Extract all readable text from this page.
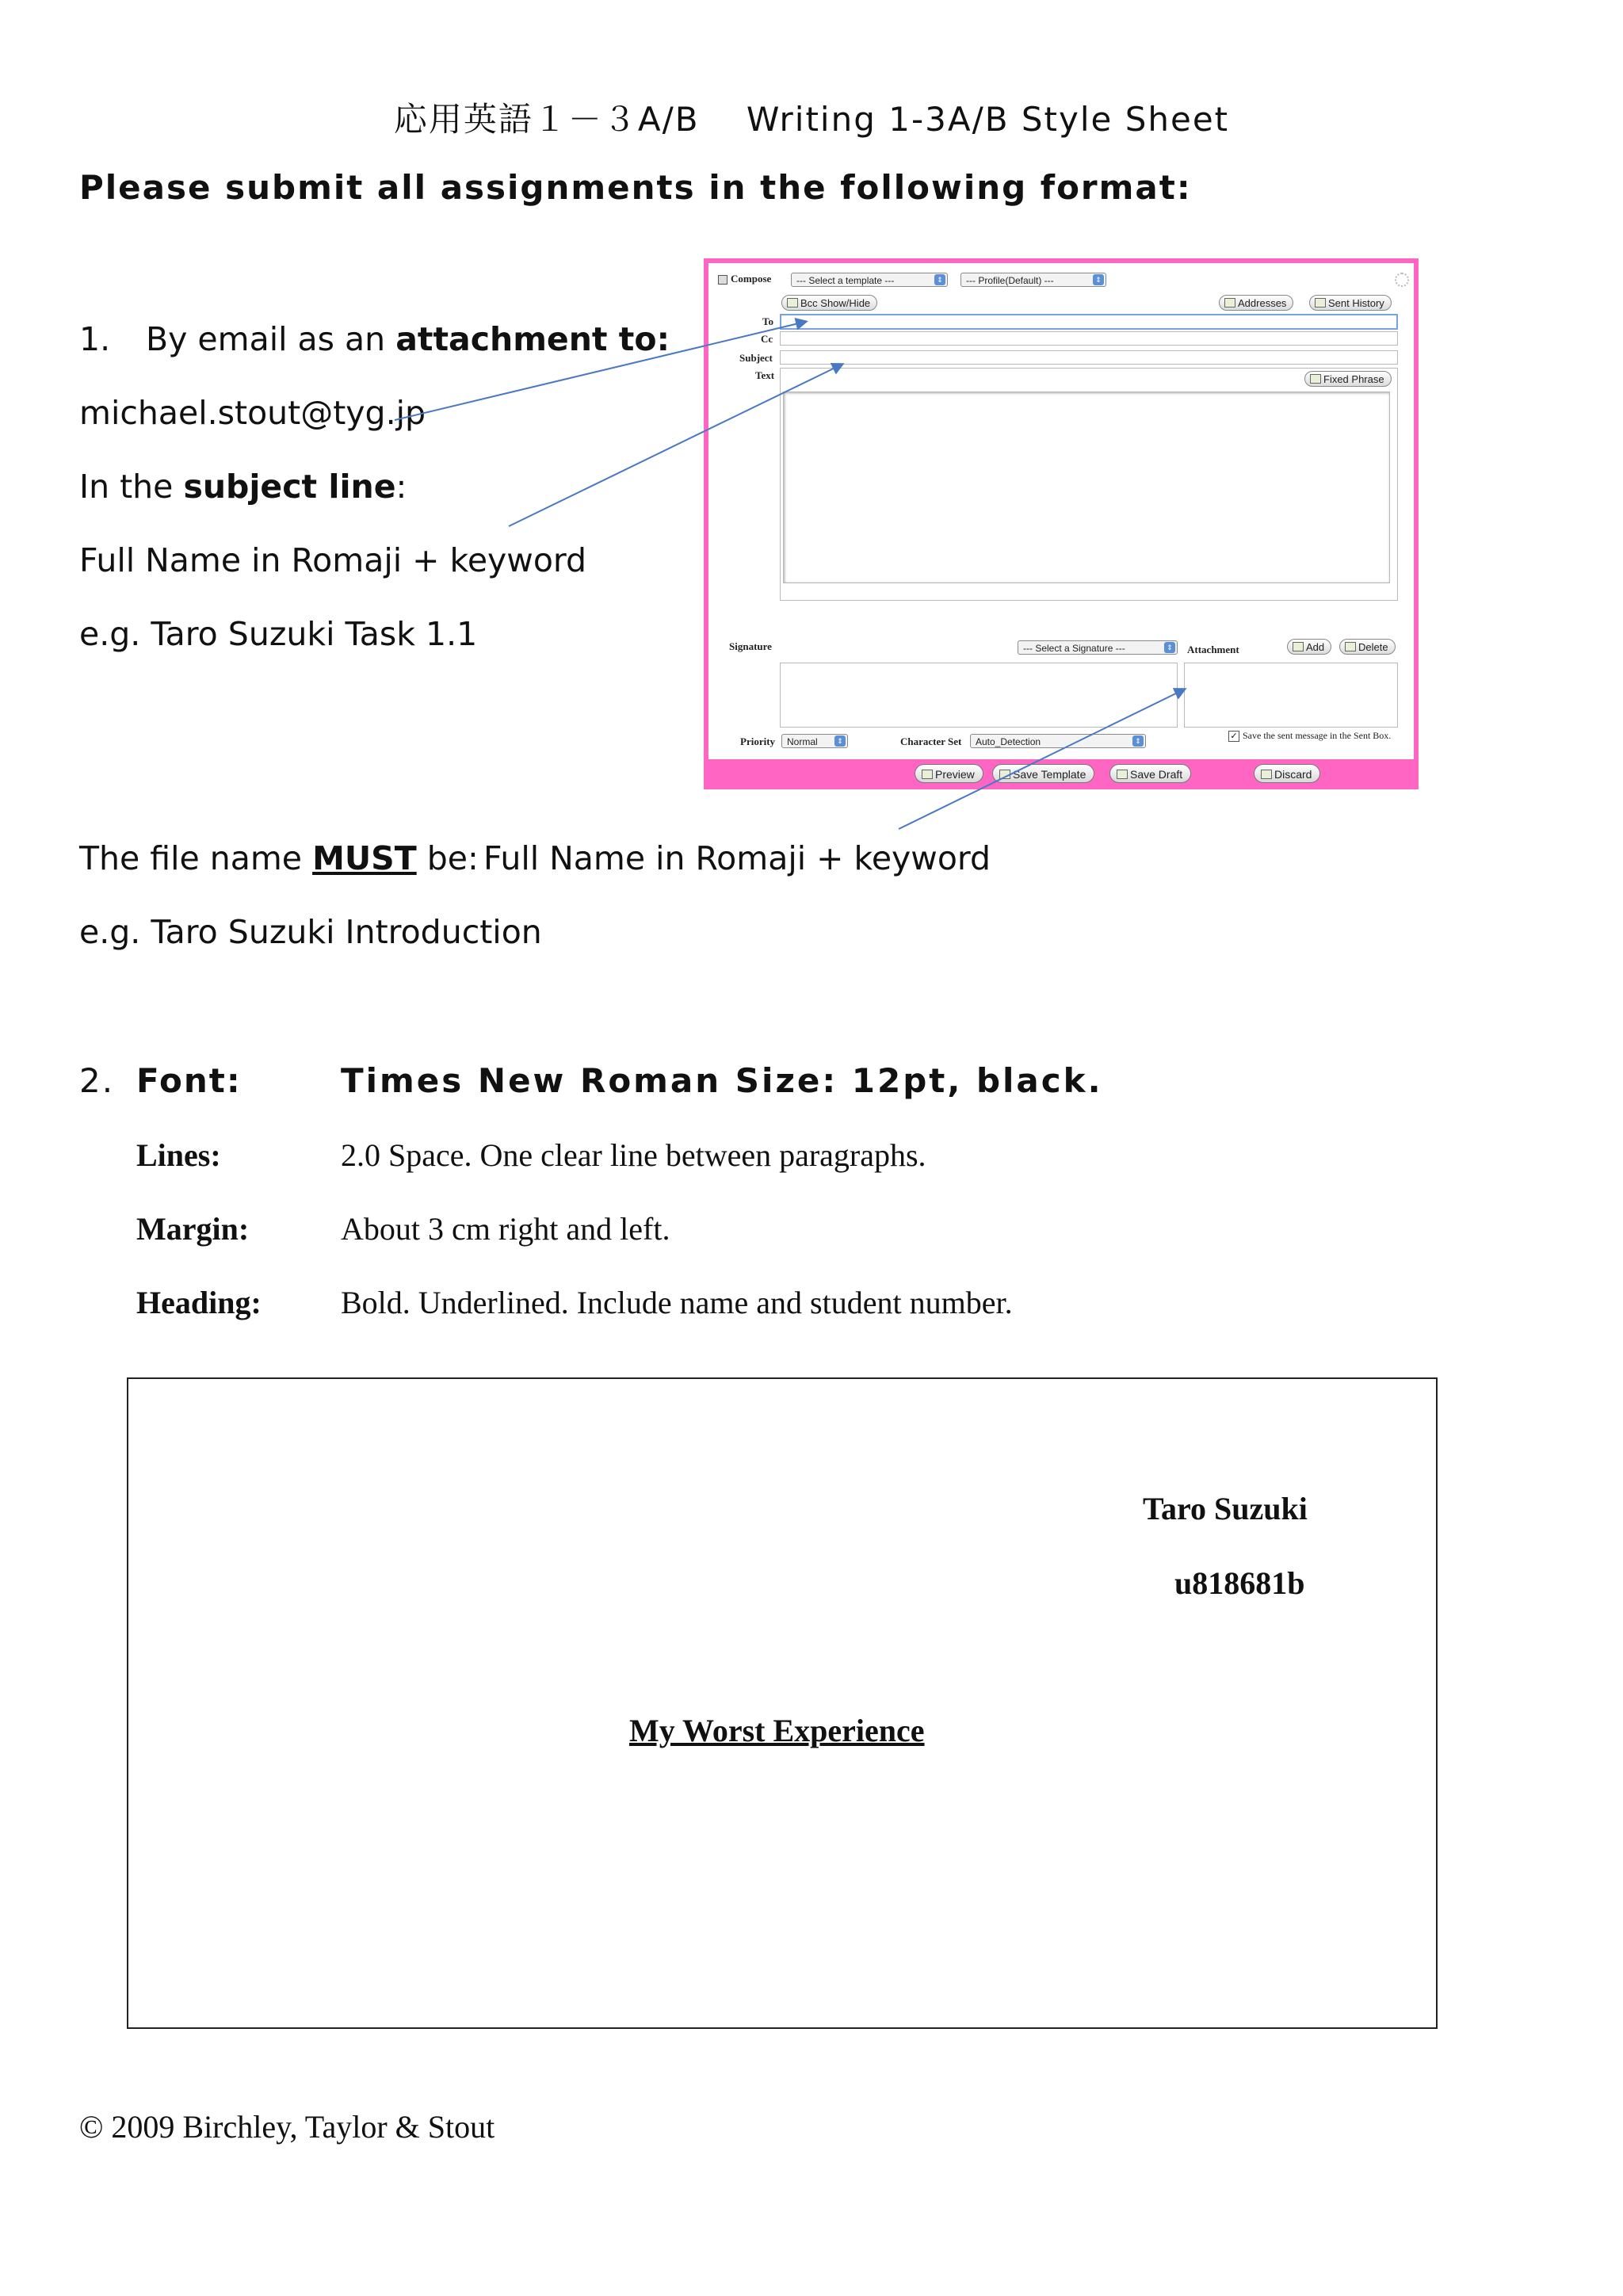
応用英語１－３A/B　 Writing 1-3A/B Style Sheet
Please submit all assignments in the following format:
1. By email as an attachment to:
michael.stout@tyg.jp
In the subject line:
Full Name in Romaji + keyword
e.g. Taro Suzuki Task 1.1
Compose	--- Select a template ---	⇕	--- Profile(Default) ---	⇕
Bcc Show/Hide	Addresses	Sent History
To
Cc
Subject
Text	Fixed Phrase
Signature	--- Select a Signature ---	⇕ Attachment	Add	Delete
Priority	Normal	⇕	Character Set	Auto_Detection	⇕	✓ Save the sent message in the Sent Box.
Preview	Save Template	Save Draft	Discard
The file name MUST be: Full Name in Romaji + keyword
e.g. Taro Suzuki Introduction
2. Font:	Times New Roman Size: 12pt, black.
Lines:	2.0 Space. One clear line between paragraphs.
Margin:	About 3 cm right and left.
Heading:	Bold. Underlined. Include name and student number.
Taro Suzuki
u818681b
My Worst Experience
© 2009 Birchley, Taylor & Stout
